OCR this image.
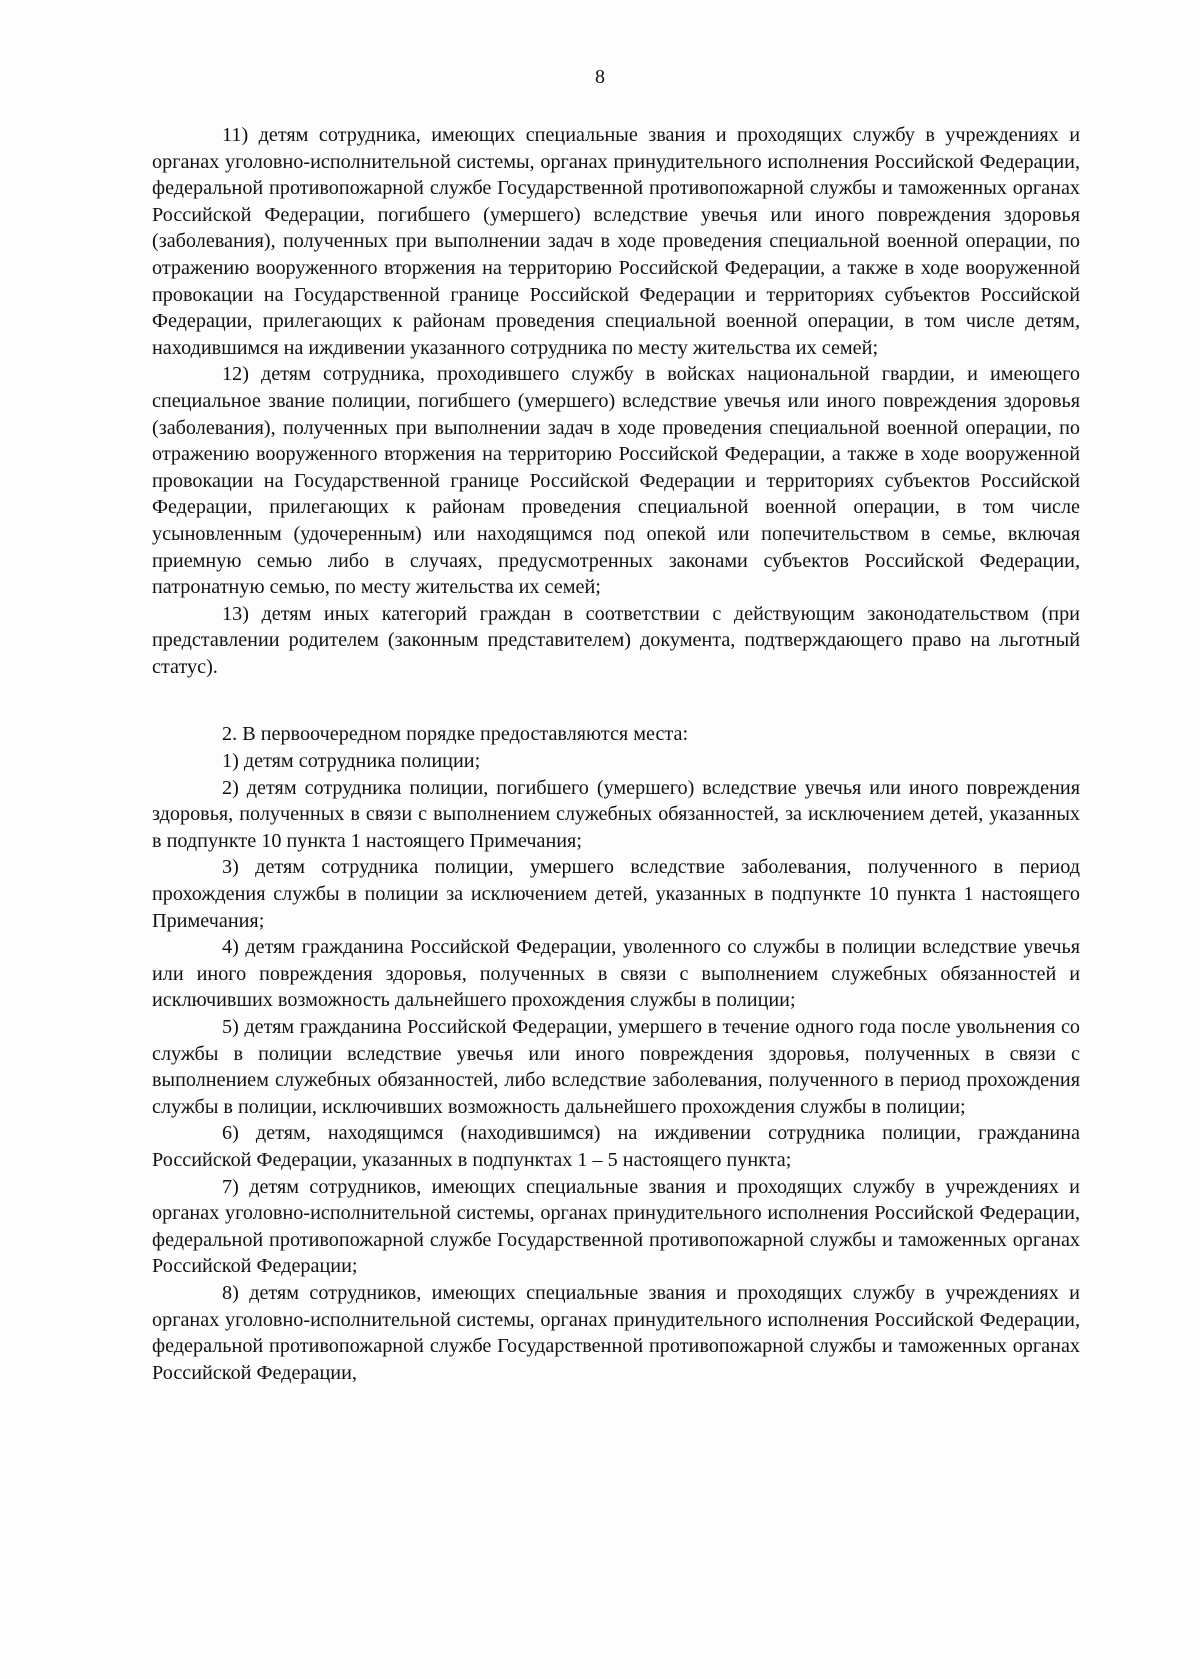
8

11) детям сотрудника, имеющих специальные звания и проходящих службу в учреждениях и органах уголовно-исполнительной системы, органах принудительного исполнения Российской Федерации, федеральной противопожарной службе Государственной противопожарной службы и таможенных органах Российской Федерации, погибшего (умершего) вследствие увечья или иного повреждения здоровья (заболевания), полученных при выполнении задач в ходе проведения специальной военной операции, по отражению вооруженного вторжения на территорию Российской Федерации, а также в ходе вооруженной провокации на Государственной границе Российской Федерации и территориях субъектов Российской Федерации, прилегающих к районам проведения специальной военной операции, в том числе детям, находившимся на иждивении указанного сотрудника по месту жительства их семей;

12) детям сотрудника, проходившего службу в войсках национальной гвардии, и имеющего специальное звание полиции, погибшего (умершего) вследствие увечья или иного повреждения здоровья (заболевания), полученных при выполнении задач в ходе проведения специальной военной операции, по отражению вооруженного вторжения на территорию Российской Федерации, а также в ходе вооруженной провокации на Государственной границе Российской Федерации и территориях субъектов Российской Федерации, прилегающих к районам проведения специальной военной операции, в том числе усыновленным (удочеренным) или находящимся под опекой или попечительством в семье, включая приемную семью либо в случаях, предусмотренных законами субъектов Российской Федерации, патронатную семью, по месту жительства их семей;

13) детям иных категорий граждан в соответствии с действующим законодательством (при представлении родителем (законным представителем) документа, подтверждающего право на льготный статус).

2. В первоочередном порядке предоставляются места:

1) детям сотрудника полиции;

2) детям сотрудника полиции, погибшего (умершего) вследствие увечья или иного повреждения здоровья, полученных в связи с выполнением служебных обязанностей, за исключением детей, указанных в подпункте 10 пункта 1 настоящего Примечания;

3) детям сотрудника полиции, умершего вследствие заболевания, полученного в период прохождения службы в полиции за исключением детей, указанных в подпункте 10 пункта 1 настоящего Примечания;

4) детям гражданина Российской Федерации, уволенного со службы в полиции вследствие увечья или иного повреждения здоровья, полученных в связи с выполнением служебных обязанностей и исключивших возможность дальнейшего прохождения службы в полиции;

5) детям гражданина Российской Федерации, умершего в течение одного года после увольнения со службы в полиции вследствие увечья или иного повреждения здоровья, полученных в связи с выполнением служебных обязанностей, либо вследствие заболевания, полученного в период прохождения службы в полиции, исключивших возможность дальнейшего прохождения службы в полиции;

6) детям, находящимся (находившимся) на иждивении сотрудника полиции, гражданина Российской Федерации, указанных в подпунктах 1 – 5 настоящего пункта;

7) детям сотрудников, имеющих специальные звания и проходящих службу в учреждениях и органах уголовно-исполнительной системы, органах принудительного исполнения Российской Федерации, федеральной противопожарной службе Государственной противопожарной службы и таможенных органах Российской Федерации;

8) детям сотрудников, имеющих специальные звания и проходящих службу в учреждениях и органах уголовно-исполнительной системы, органах принудительного исполнения Российской Федерации, федеральной противопожарной службе Государственной противопожарной службы и таможенных органах Российской Федерации,
